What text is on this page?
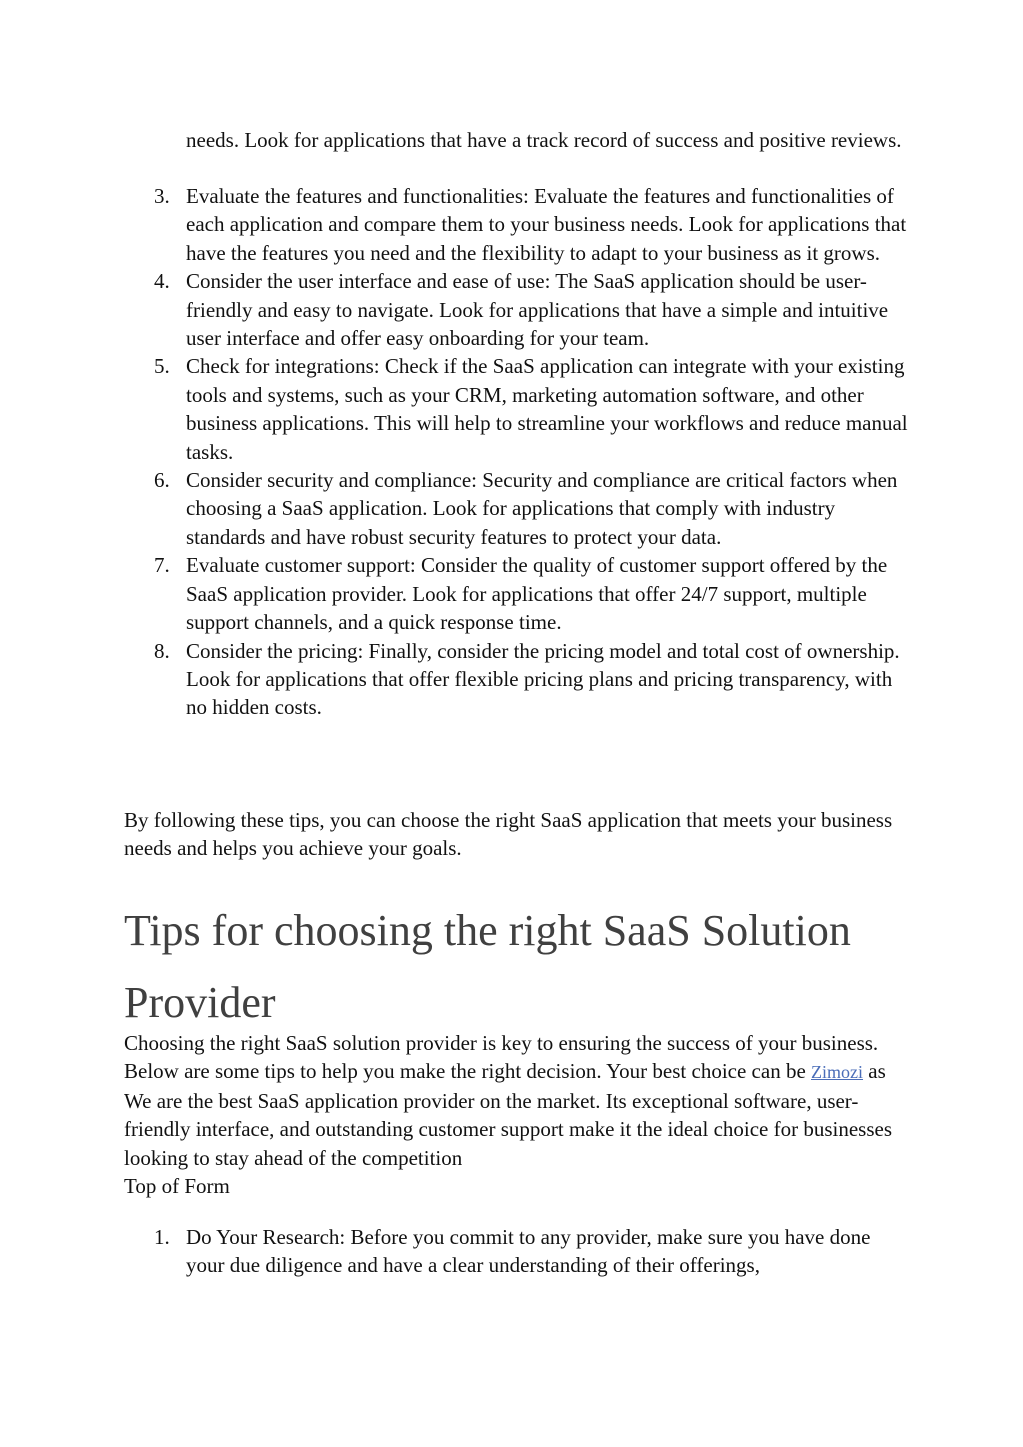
needs. Look for applications that have a track record of success and positive reviews.
3. Evaluate the features and functionalities: Evaluate the features and functionalities of each application and compare them to your business needs. Look for applications that have the features you need and the flexibility to adapt to your business as it grows.
4. Consider the user interface and ease of use: The SaaS application should be user-friendly and easy to navigate. Look for applications that have a simple and intuitive user interface and offer easy onboarding for your team.
5. Check for integrations: Check if the SaaS application can integrate with your existing tools and systems, such as your CRM, marketing automation software, and other business applications. This will help to streamline your workflows and reduce manual tasks.
6. Consider security and compliance: Security and compliance are critical factors when choosing a SaaS application. Look for applications that comply with industry standards and have robust security features to protect your data.
7. Evaluate customer support: Consider the quality of customer support offered by the SaaS application provider. Look for applications that offer 24/7 support, multiple support channels, and a quick response time.
8. Consider the pricing: Finally, consider the pricing model and total cost of ownership. Look for applications that offer flexible pricing plans and pricing transparency, with no hidden costs.

By following these tips, you can choose the right SaaS application that meets your business needs and helps you achieve your goals.

Tips for choosing the right SaaS Solution Provider

Choosing the right SaaS solution provider is key to ensuring the success of your business. Below are some tips to help you make the right decision. Your best choice can be Zimozi as We are the best SaaS application provider on the market. Its exceptional software, user-friendly interface, and outstanding customer support make it the ideal choice for businesses looking to stay ahead of the competition
Top of Form

1. Do Your Research: Before you commit to any provider, make sure you have done your due diligence and have a clear understanding of their offerings,
